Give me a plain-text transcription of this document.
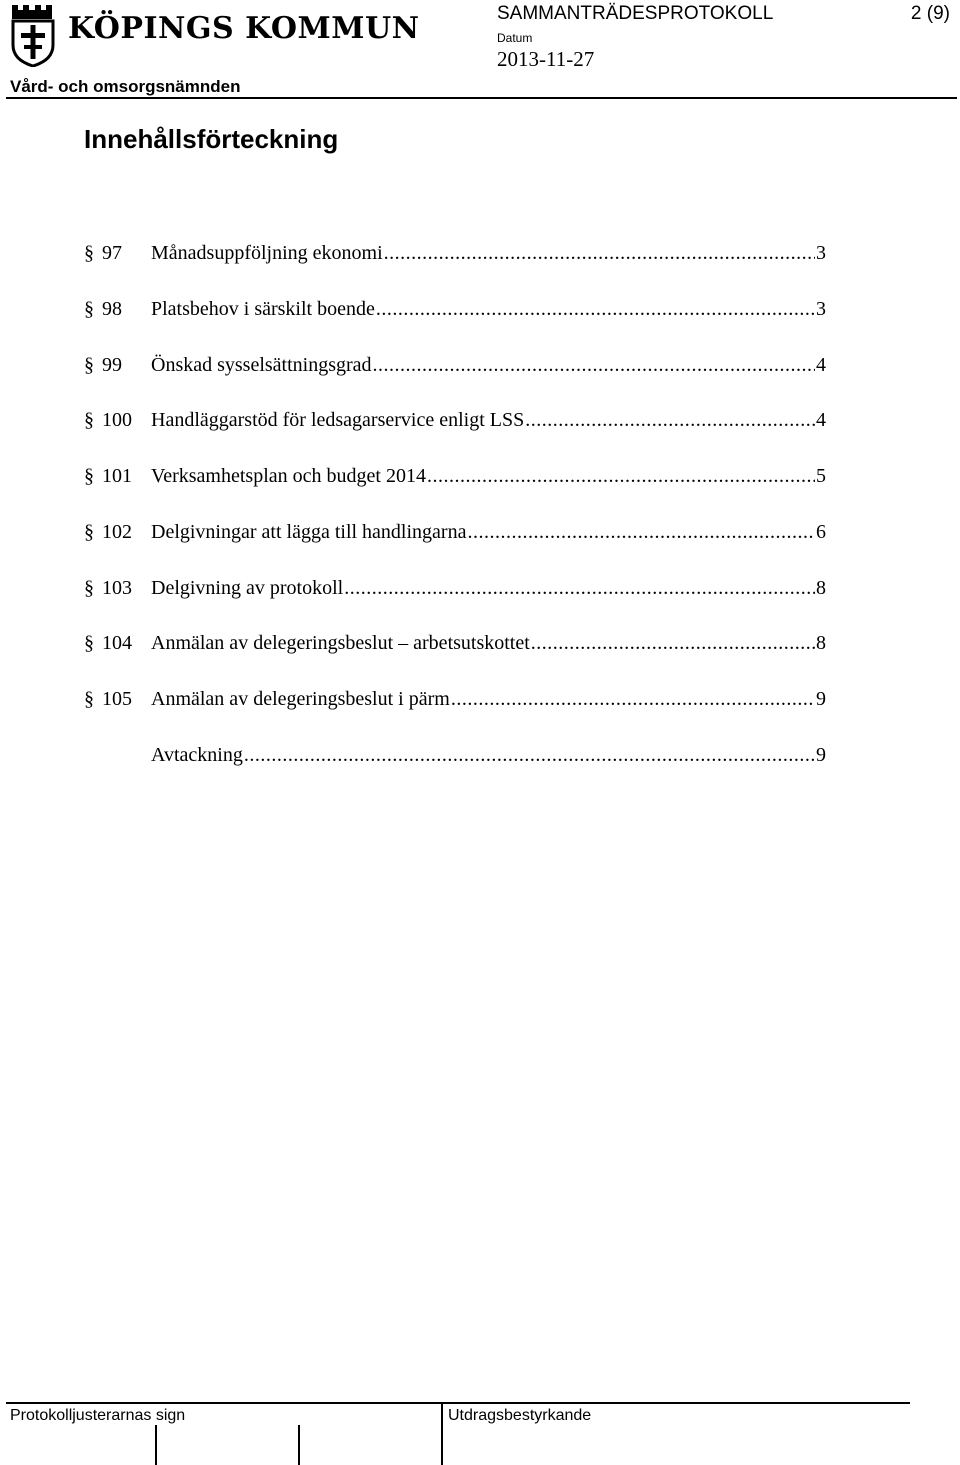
KÖPINGS KOMMUN	SAMMANTRÄDESPROTOKOLL	2 (9)
Datum
2013-11-27
Vård- och omsorgsnämnden
Innehållsförteckning
§ 97 Månadsuppföljning ekonomi .....	3
§ 98 Platsbehov i särskilt boende .....	3
§ 99 Önskad sysselsättningsgrad .....	4
§ 100 Handläggarstöd för ledsagarservice enligt LSS .....	4
§ 101 Verksamhetsplan och budget 2014 .....	5
§ 102 Delgivningar att lägga till handlingarna .....	6
§ 103 Delgivning av protokoll .....	8
§ 104 Anmälan av delegeringsbeslut – arbetsutskottet .....	8
§ 105 Anmälan av delegeringsbeslut i pärm .....	9
Avtackning .....	9
Protokolljusterarnas sign	Utdragsbestyrkande
